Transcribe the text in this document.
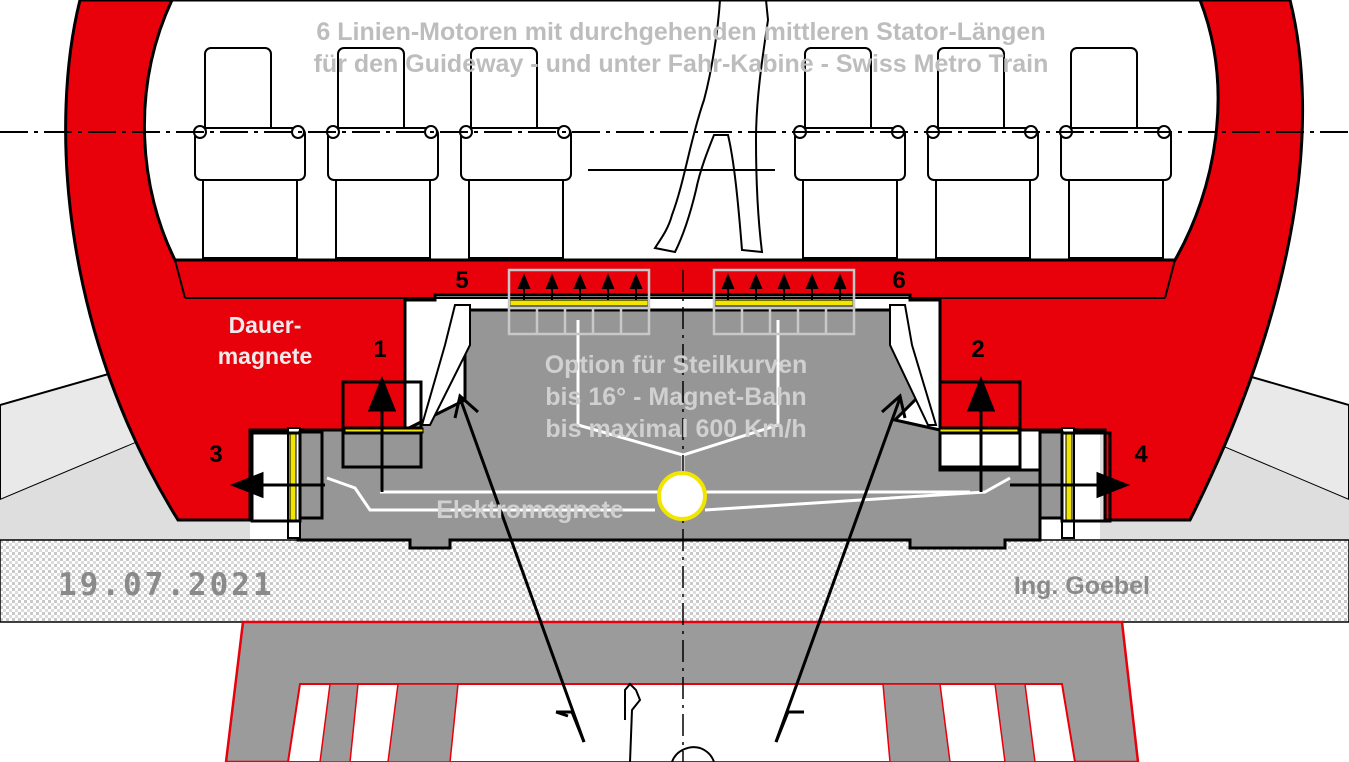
6 Linien-Motoren mit durchgehenden mittleren Stator-Längen
für den Guideway - und unter Fahr-Kabine - Swiss Metro Train
Dauer-
magnete	Option für Steilkurven
bis 16° - Magnet-Bahn
bis maximal 600 Km/h
Elektromagnete
1	2
3	4
5	6
19.07.2021	Ing. Goebel
